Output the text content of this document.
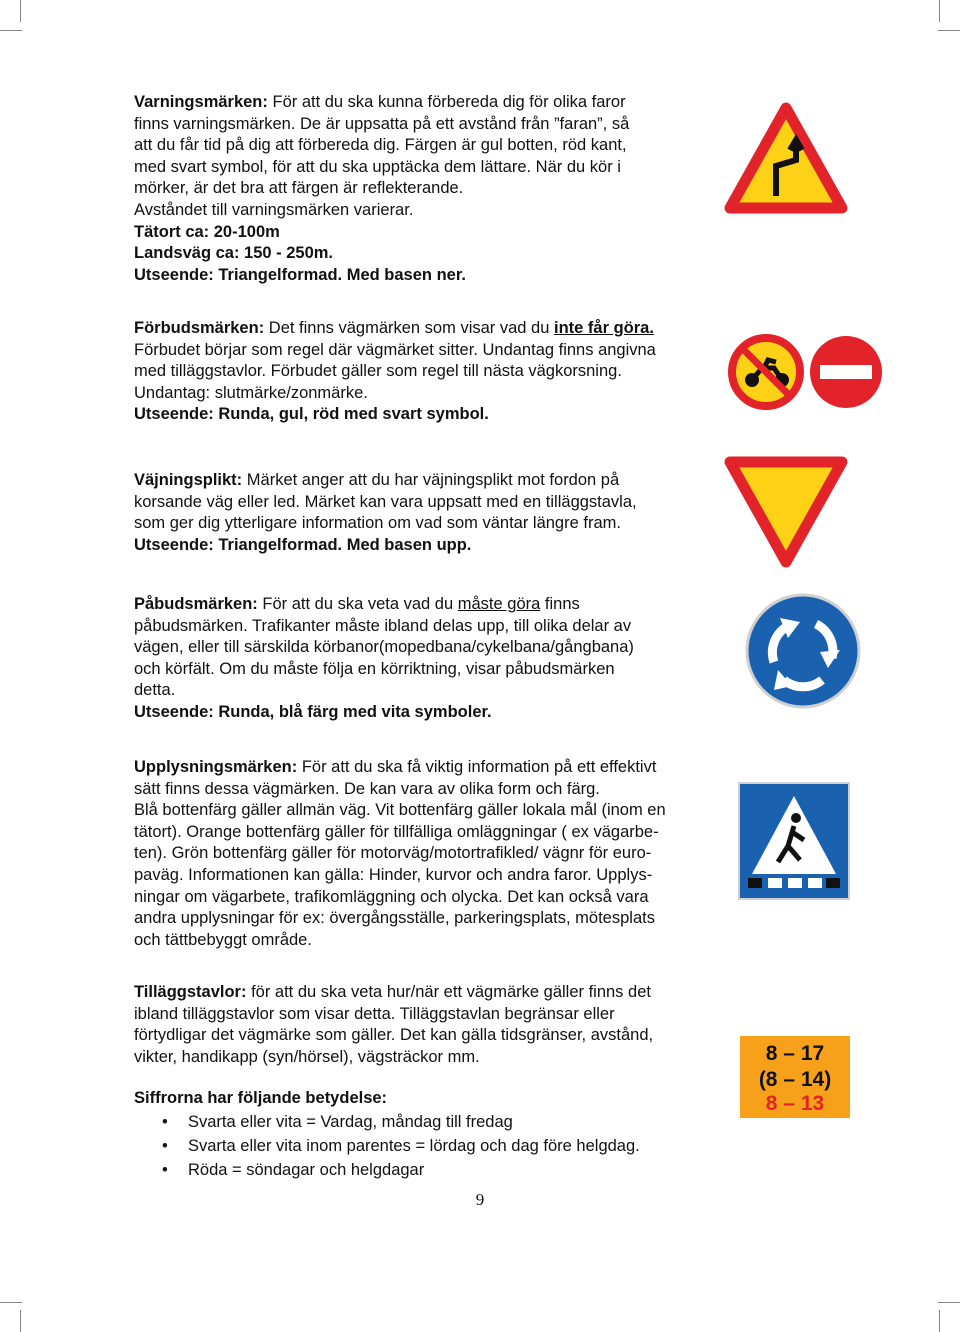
Varningsmärken: För att du ska kunna förbereda dig för olika faror

finns varningsmärken. De är uppsatta på ett avstånd från ”faran”, så

att du får tid på dig att förbereda dig. Färgen är gul botten, röd kant,

med svart symbol, för att du ska upptäcka dem lättare. När du kör i

mörker, är det bra att färgen är reflekterande.

Avståndet till varningsmärken varierar.

Tätort ca: 20-100m

Landsväg ca: 150 - 250m.

Utseende: Triangelformad. Med basen ner.

Förbudsmärken: Det finns vägmärken som visar vad du inte får göra.

Förbudet börjar som regel där vägmärket sitter. Undantag finns angivna

med tilläggstavlor. Förbudet gäller som regel till nästa vägkorsning.

Undantag: slutmärke/zonmärke.

Utseende: Runda, gul, röd med svart symbol.

Väjningsplikt: Märket anger att du har väjningsplikt mot fordon på

korsande väg eller led. Märket kan vara uppsatt med en tilläggstavla,

som ger dig ytterligare information om vad som väntar längre fram.

Utseende: Triangelformad. Med basen upp.

Påbudsmärken: För att du ska veta vad du måste göra finns

påbudsmärken. Trafikanter måste ibland delas upp, till olika delar av

vägen, eller till särskilda körbanor(mopedbana/cykelbana/gångbana)

och körfält. Om du måste följa en körriktning, visar påbudsmärken

detta.

Utseende: Runda, blå färg med vita symboler.

Upplysningsmärken: För att du ska få viktig information på ett effektivt

sätt finns dessa vägmärken. De kan vara av olika form och färg.

Blå bottenfärg gäller allmän väg. Vit bottenfärg gäller lokala mål (inom en

tätort). Orange bottenfärg gäller för tillfälliga omläggningar ( ex vägarbe-

ten). Grön bottenfärg gäller för motorväg/motortrafikled/ vägnr för euro-

paväg. Informationen kan gälla: Hinder, kurvor och andra faror. Upplys-

ningar om vägarbete, trafikomläggning och olycka. Det kan också vara

andra upplysningar för ex: övergångsställe, parkeringsplats, mötesplats

och tättbebyggt område.

Tilläggstavlor: för att du ska veta hur/när ett vägmärke gäller finns det

ibland tilläggstavlor som visar detta. Tilläggstavlan begränsar eller

förtydligar det vägmärke som gäller. Det kan gälla tidsgränser, avstånd,

vikter, handikapp (syn/hörsel), vägsträckor mm.	8 – 17
(8 – 14)
8 – 13
Siffrorna har följande betydelse:
• Svarta eller vita = Vardag, måndag till fredag
• Svarta eller vita inom parentes = lördag och dag före helgdag.
• Röda = söndagar och helgdagar
9
